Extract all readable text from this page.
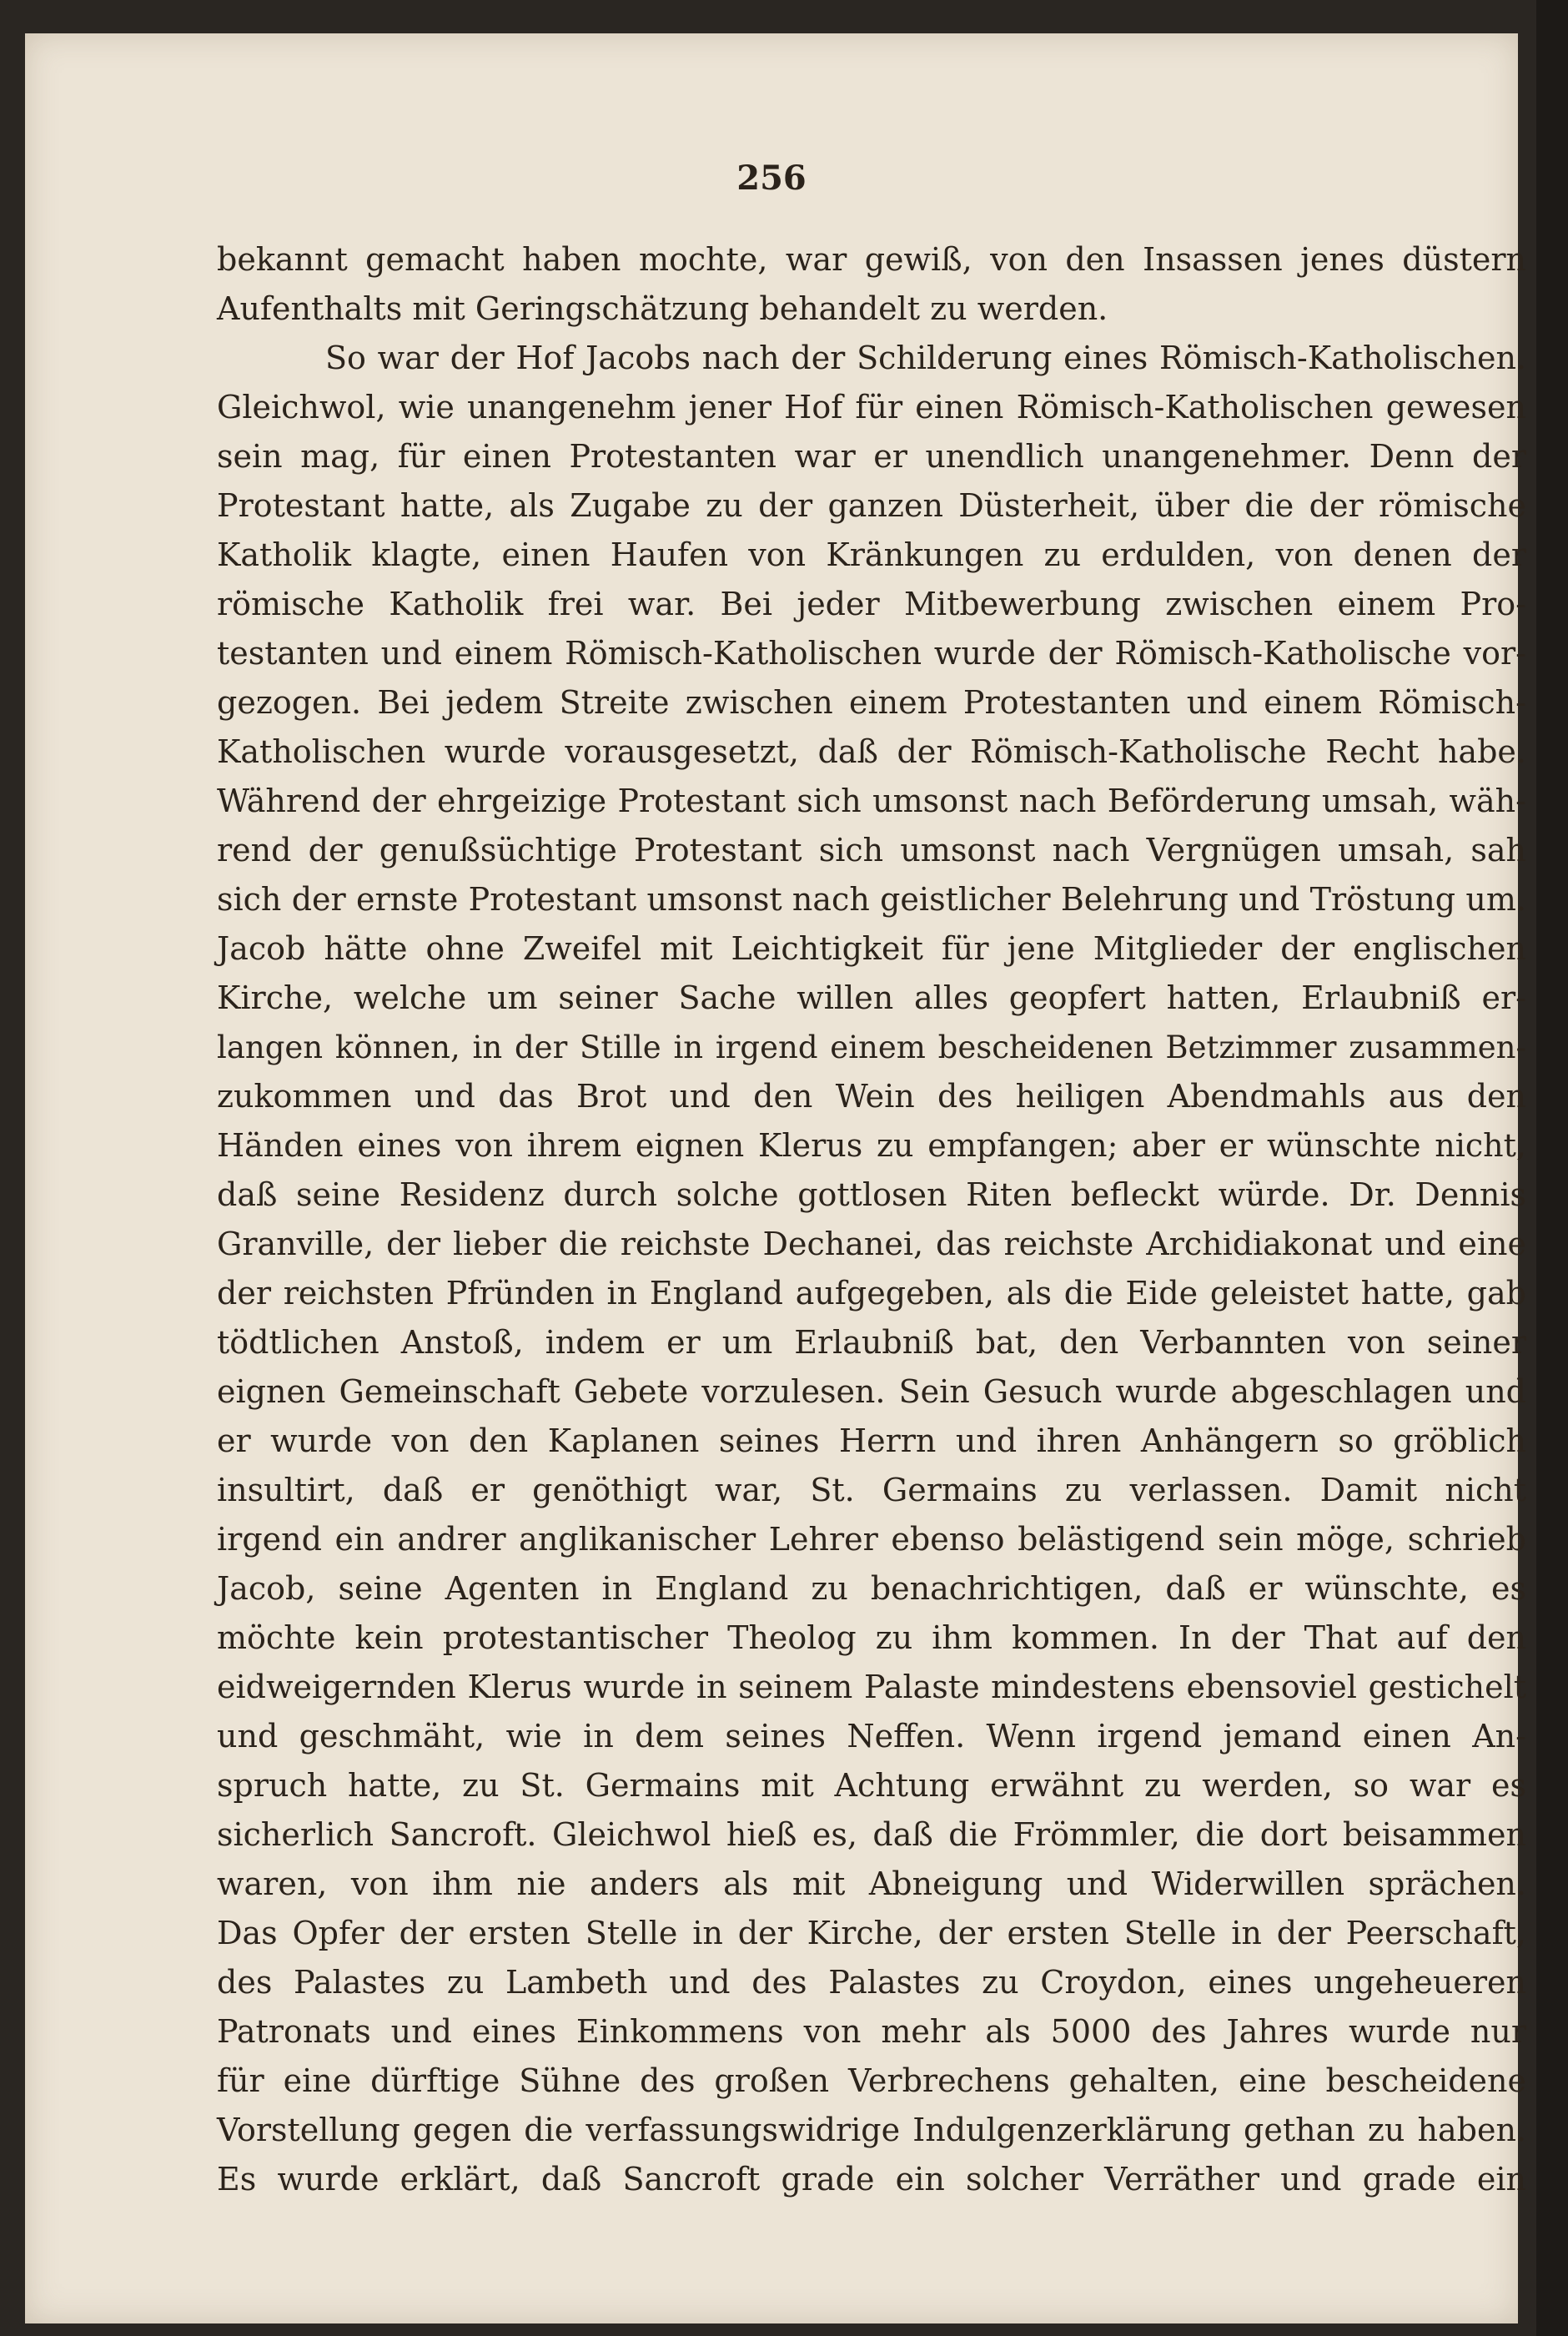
256
bekannt gemacht haben mochte, war gewiß, von den Insassen jenes düstern
Aufenthalts mit Geringschätzung behandelt zu werden.
So war der Hof Jacobs nach der Schilderung eines Römisch-Katholischen.
Gleichwol, wie unangenehm jener Hof für einen Römisch-Katholischen gewesen
sein mag, für einen Protestanten war er unendlich unangenehmer. Denn der
Protestant hatte, als Zugabe zu der ganzen Düsterheit, über die der römische
Katholik klagte, einen Haufen von Kränkungen zu erdulden, von denen der
römische Katholik frei war. Bei jeder Mitbewerbung zwischen einem Pro-
testanten und einem Römisch-Katholischen wurde der Römisch-Katholische vor-
gezogen. Bei jedem Streite zwischen einem Protestanten und einem Römisch-
Katholischen wurde vorausgesetzt, daß der Römisch-Katholische Recht habe.
Während der ehrgeizige Protestant sich umsonst nach Beförderung umsah, wäh-
rend der genußsüchtige Protestant sich umsonst nach Vergnügen umsah, sah
sich der ernste Protestant umsonst nach geistlicher Belehrung und Tröstung um.
Jacob hätte ohne Zweifel mit Leichtigkeit für jene Mitglieder der englischen
Kirche, welche um seiner Sache willen alles geopfert hatten, Erlaubniß er-
langen können, in der Stille in irgend einem bescheidenen Betzimmer zusammen-
zukommen und das Brot und den Wein des heiligen Abendmahls aus den
Händen eines von ihrem eignen Klerus zu empfangen; aber er wünschte nicht,
daß seine Residenz durch solche gottlosen Riten befleckt würde. Dr. Dennis
Granville, der lieber die reichste Dechanei, das reichste Archidiakonat und eine
der reichsten Pfründen in England aufgegeben, als die Eide geleistet hatte, gab
tödtlichen Anstoß, indem er um Erlaubniß bat, den Verbannten von seiner
eignen Gemeinschaft Gebete vorzulesen. Sein Gesuch wurde abgeschlagen und
er wurde von den Kaplanen seines Herrn und ihren Anhängern so gröblich
insultirt, daß er genöthigt war, St. Germains zu verlassen. Damit nicht
irgend ein andrer anglikanischer Lehrer ebenso belästigend sein möge, schrieb
Jacob, seine Agenten in England zu benachrichtigen, daß er wünschte, es
möchte kein protestantischer Theolog zu ihm kommen. In der That auf den
eidweigernden Klerus wurde in seinem Palaste mindestens ebensoviel gestichelt
und geschmäht, wie in dem seines Neffen. Wenn irgend jemand einen An-
spruch hatte, zu St. Germains mit Achtung erwähnt zu werden, so war es
sicherlich Sancroft. Gleichwol hieß es, daß die Frömmler, die dort beisammen
waren, von ihm nie anders als mit Abneigung und Widerwillen sprächen.
Das Opfer der ersten Stelle in der Kirche, der ersten Stelle in der Peerschaft,
des Palastes zu Lambeth und des Palastes zu Croydon, eines ungeheueren
Patronats und eines Einkommens von mehr als 5000 des Jahres wurde nur
für eine dürftige Sühne des großen Verbrechens gehalten, eine bescheidene
Vorstellung gegen die verfassungswidrige Indulgenzerklärung gethan zu haben.
Es wurde erklärt, daß Sancroft grade ein solcher Verräther und grade ein
